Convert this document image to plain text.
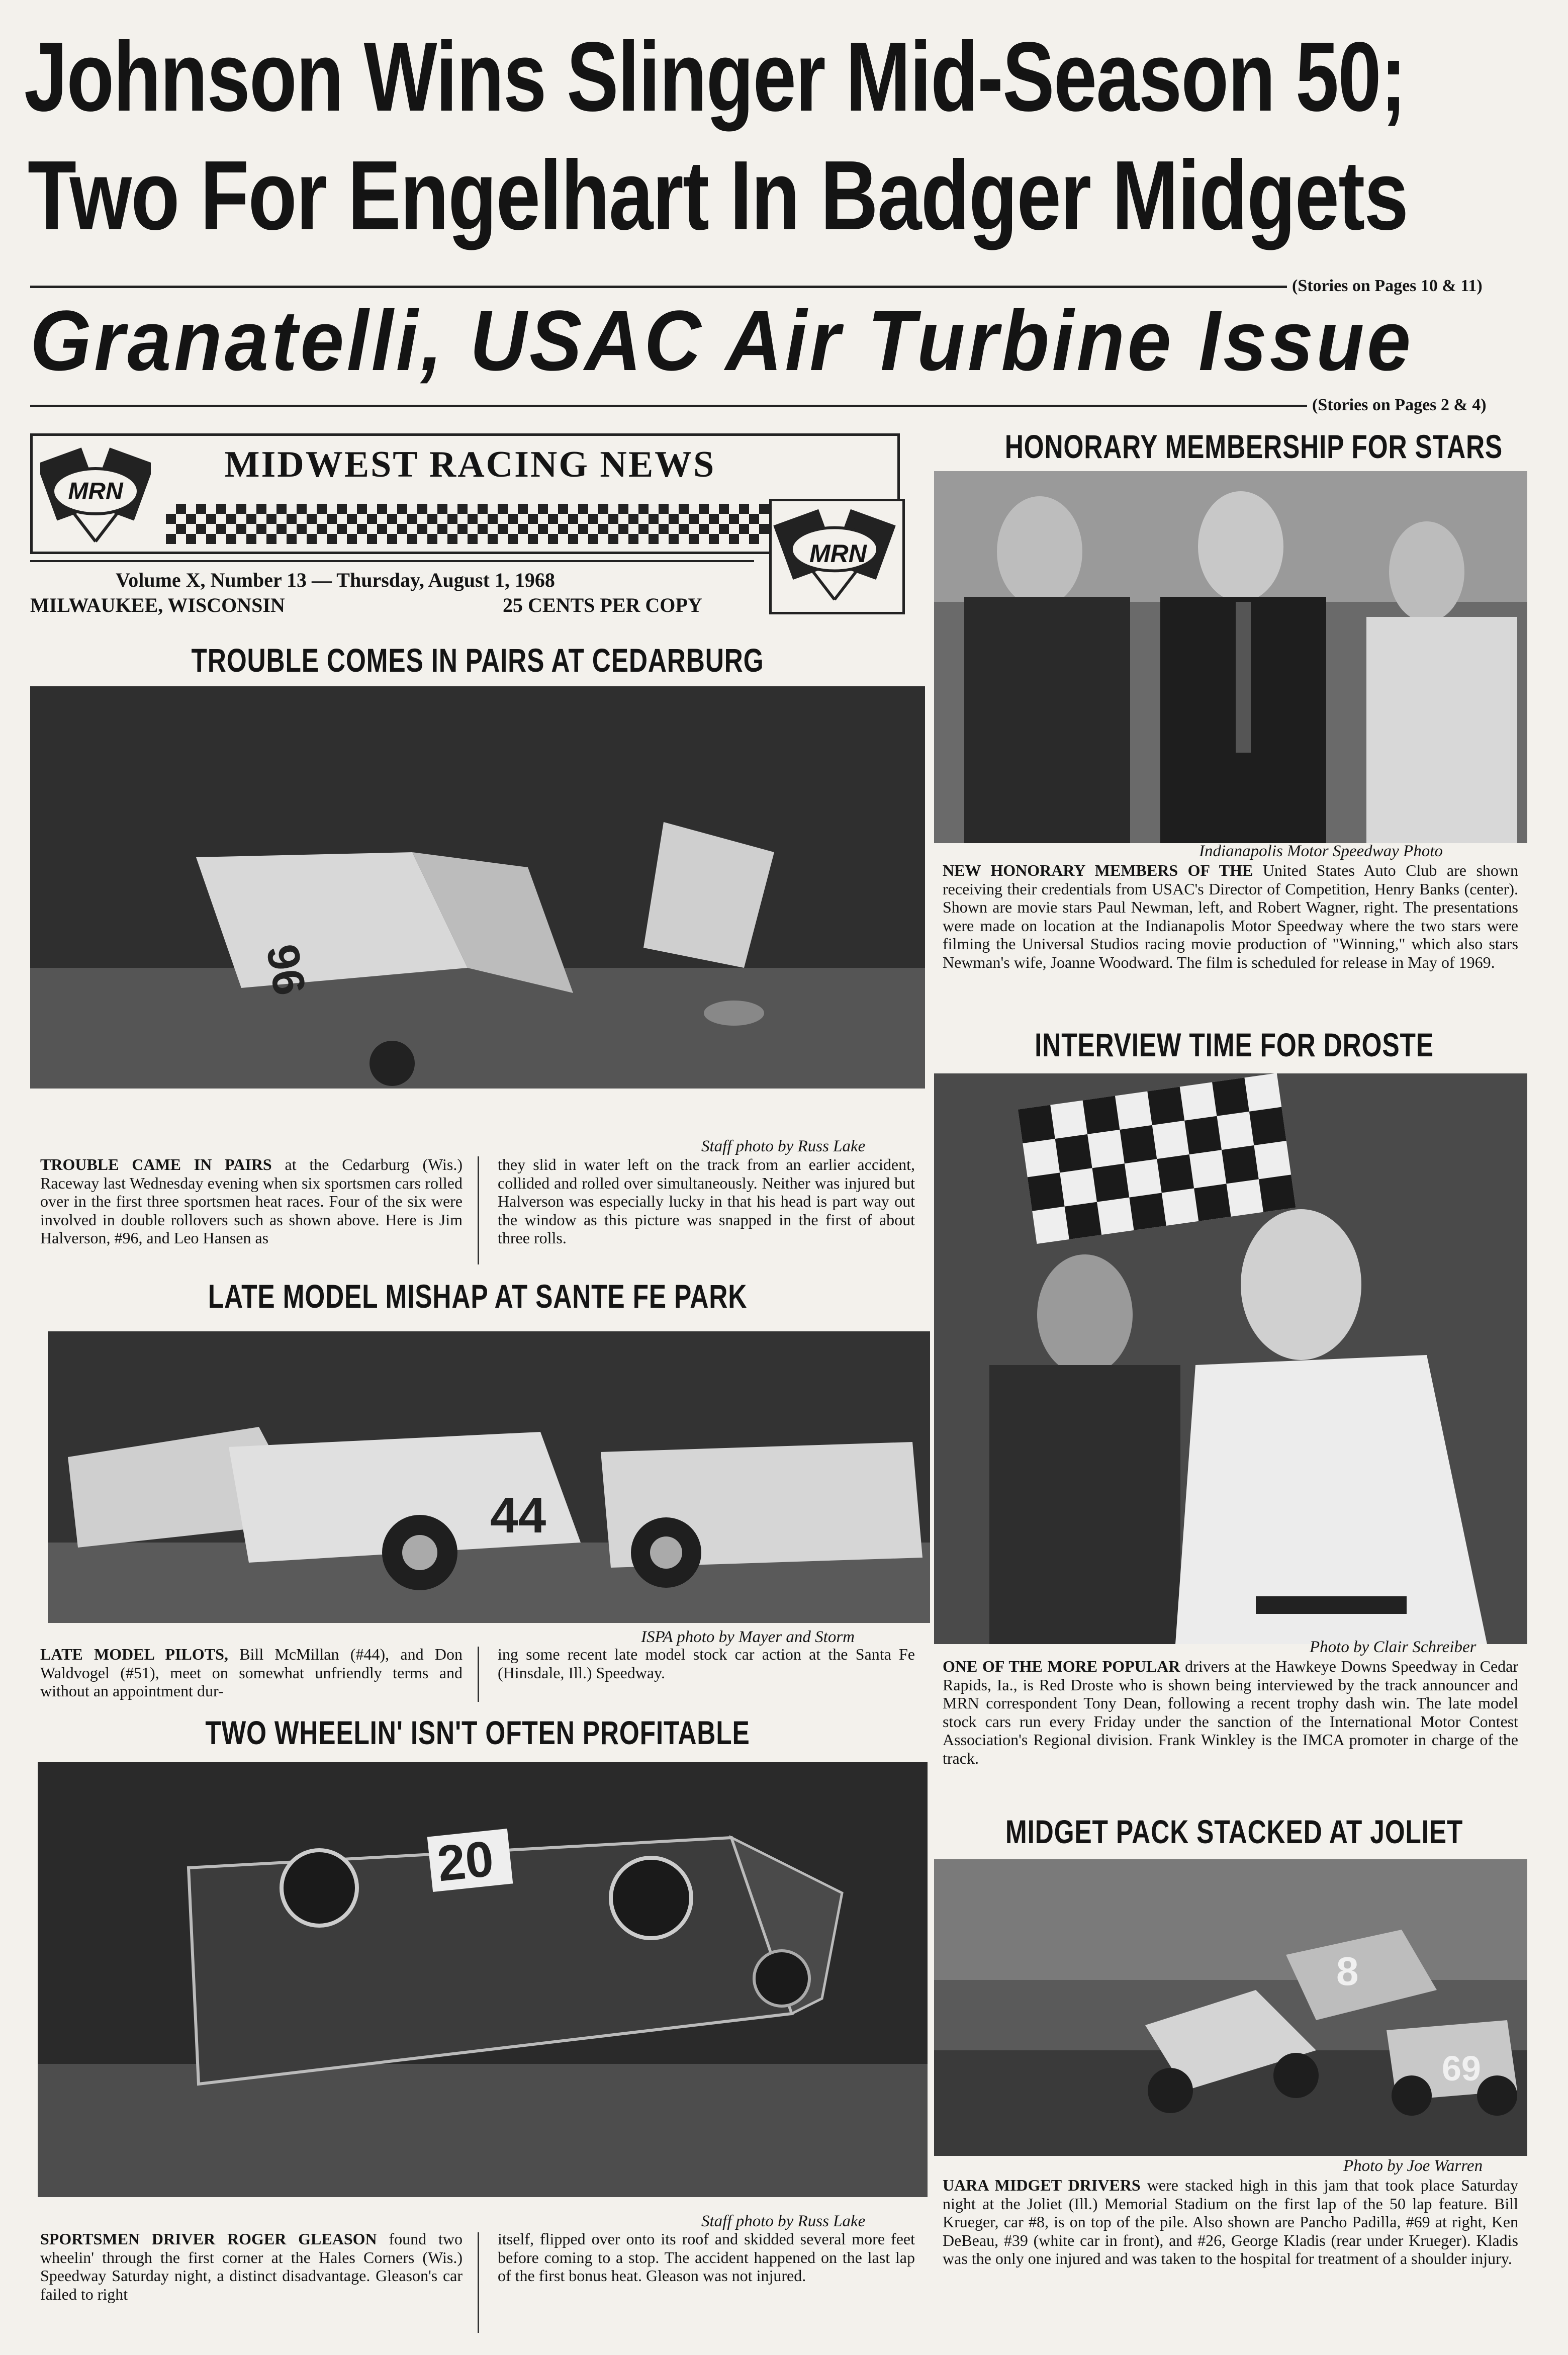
Johnson Wins Slinger Mid-Season 50;
Two For Engelhart In Badger Midgets
(Stories on Pages 10 & 11)
Granatelli, USAC Air Turbine Issue
(Stories on Pages 2 & 4)
MRN
MIDWEST RACING NEWS
MRN
Volume X, Number 13 — Thursday, August 1, 1968
MILWAUKEE, WISCONSIN	25 CENTS PER COPY
TROUBLE COMES IN PAIRS AT CEDARBURG
96
Staff photo by Russ Lake
TROUBLE CAME IN PAIRS at the Cedarburg (Wis.) Raceway last Wednesday evening when six sportsmen cars rolled over in the first three sportsmen heat races. Four of the six were involved in double rollovers such as shown above. Here is Jim Halverson, #96, and Leo Hansen as
they slid in water left on the track from an earlier accident, collided and rolled over simultaneously. Neither was injured but Halverson was especially lucky in that his head is part way out the window as this picture was snapped in the first of about three rolls.
LATE MODEL MISHAP AT SANTE FE PARK
44
ISPA photo by Mayer and Storm
LATE MODEL PILOTS, Bill McMillan (#44), and Don Waldvogel (#51), meet on somewhat unfriendly terms and without an appointment dur-
ing some recent late model stock car action at the Santa Fe (Hinsdale, Ill.) Speedway.
TWO WHEELIN' ISN'T OFTEN PROFITABLE
20
Staff photo by Russ Lake
SPORTSMEN DRIVER ROGER GLEASON found two wheelin' through the first corner at the Hales Corners (Wis.) Speedway Saturday night, a distinct disadvantage. Gleason's car failed to right
itself, flipped over onto its roof and skidded several more feet before coming to a stop. The accident happened on the last lap of the first bonus heat. Gleason was not injured.
HONORARY MEMBERSHIP FOR STARS
Indianapolis Motor Speedway Photo
NEW HONORARY MEMBERS OF THE United States Auto Club are shown receiving their credentials from USAC's Director of Competition, Henry Banks (center). Shown are movie stars Paul Newman, left, and Robert Wagner, right. The presentations were made on location at the Indianapolis Motor Speedway where the two stars were filming the Universal Studios racing movie production of "Winning," which also stars Newman's wife, Joanne Woodward. The film is scheduled for release in May of 1969.
INTERVIEW TIME FOR DROSTE
Photo by Clair Schreiber
ONE OF THE MORE POPULAR drivers at the Hawkeye Downs Speedway in Cedar Rapids, Ia., is Red Droste who is shown being interviewed by the track announcer and MRN correspondent Tony Dean, following a recent trophy dash win. The late model stock cars run every Friday under the sanction of the International Motor Contest Association's Regional division. Frank Winkley is the IMCA promoter in charge of the track.
MIDGET PACK STACKED AT JOLIET
8
69
Photo by Joe Warren
UARA MIDGET DRIVERS were stacked high in this jam that took place Saturday night at the Joliet (Ill.) Memorial Stadium on the first lap of the 50 lap feature. Bill Krueger, car #8, is on top of the pile. Also shown are Pancho Padilla, #69 at right, Ken DeBeau, #39 (white car in front), and #26, George Kladis (rear under Krueger). Kladis was the only one injured and was taken to the hospital for treatment of a shoulder injury.
